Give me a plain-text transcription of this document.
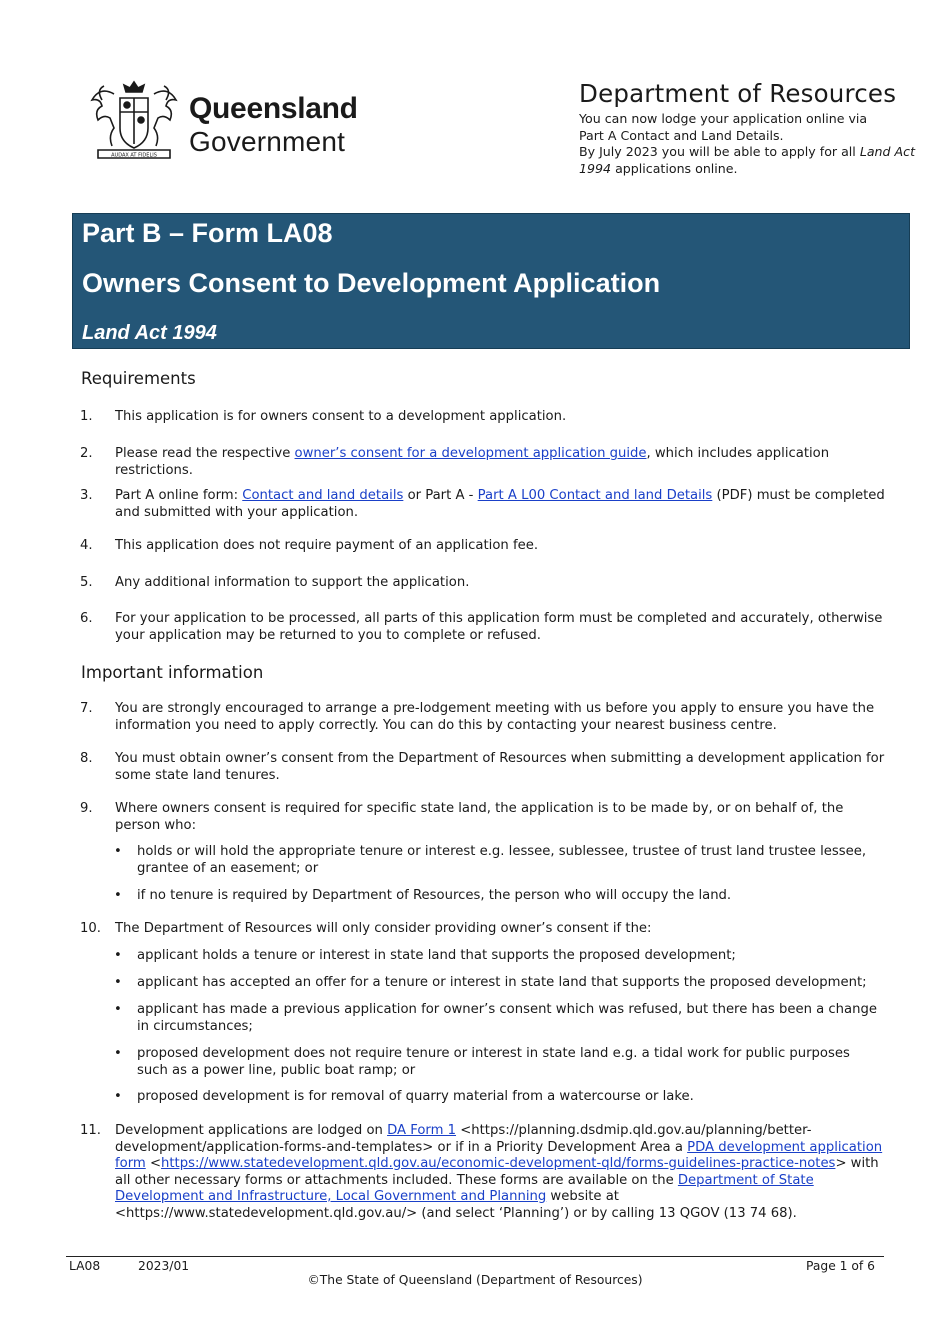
AUDAX AT FIDELIS
Queensland
Government
Department of Resources
You can now lodge your application online via
Part A Contact and Land Details.
By July 2023 you will be able to apply for all Land Act 1994 applications online.
Part B – Form LA08
Owners Consent to Development Application
Land Act 1994
Requirements
1.	This application is for owners consent to a development application.
2.	Please read the respective owner’s consent for a development application guide, which includes application restrictions.
3.	Part A online form: Contact and land details or Part A - Part A L00 Contact and land Details (PDF) must be completed and submitted with your application.
4.	This application does not require payment of an application fee.
5.	Any additional information to support the application.
6.	For your application to be processed, all parts of this application form must be completed and accurately, otherwise your application may be returned to you to complete or refused.
Important information
7.	You are strongly encouraged to arrange a pre-lodgement meeting with us before you apply to ensure you have the information you need to apply correctly. You can do this by contacting your nearest business centre.
8.	You must obtain owner’s consent from the Department of Resources when submitting a development application for some state land tenures.
9.	Where owners consent is required for specific state land, the application is to be made by, or on behalf of, the person who:
• holds or will hold the appropriate tenure or interest e.g. lessee, sublessee, trustee of trust land trustee lessee, grantee of an easement; or
• if no tenure is required by Department of Resources, the person who will occupy the land.
10.	The Department of Resources will only consider providing owner’s consent if the:
• applicant holds a tenure or interest in state land that supports the proposed development;
• applicant has accepted an offer for a tenure or interest in state land that supports the proposed development;
• applicant has made a previous application for owner’s consent which was refused, but there has been a change in circumstances;
• proposed development does not require tenure or interest in state land e.g. a tidal work for public purposes such as a power line, public boat ramp; or
• proposed development is for removal of quarry material from a watercourse or lake.
11.	Development applications are lodged on DA Form 1 <https://planning.dsdmip.qld.gov.au/planning/better-development/application-forms-and-templates> or if in a Priority Development Area a PDA development application form <https://www.statedevelopment.qld.gov.au/economic-development-qld/forms-guidelines-practice-notes> with all other necessary forms or attachments included. These forms are available on the Department of State Development and Infrastructure, Local Government and Planning website at <https://www.statedevelopment.qld.gov.au/> (and select ‘Planning’) or by calling 13 QGOV (13 74 68).
LA08	2023/01	Page 1 of 6
©The State of Queensland (Department of Resources)
